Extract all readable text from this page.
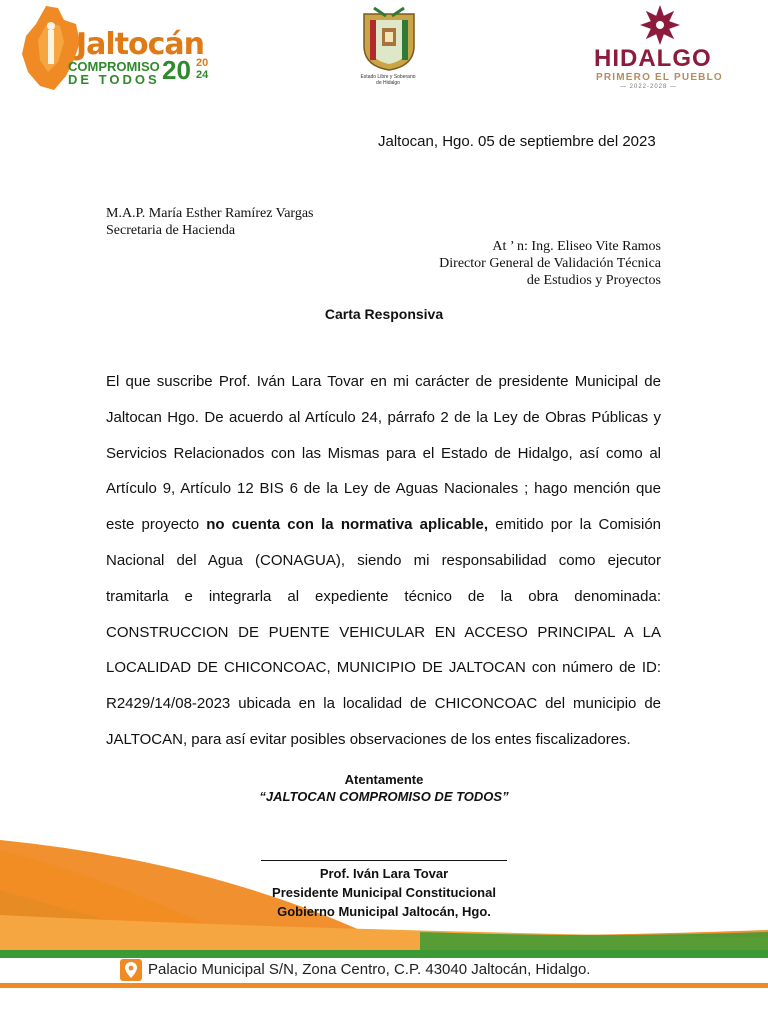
Jaltocán
COMPROMISO
DE TODOS 20 20
24	Estado Libre y Soberano
de Hidalgo
HIDALGO
PRIMERO EL PUEBLO
— 2022-2028 —
Jaltocan, Hgo. 05 de septiembre del 2023
M.A.P. María Esther Ramírez Vargas
Secretaria de Hacienda
At ’ n: Ing. Eliseo Vite Ramos
Director General de Validación Técnica
de Estudios y Proyectos
Carta Responsiva
El que suscribe Prof. Iván Lara Tovar en mi carácter de presidente Municipal de Jaltocan Hgo. De acuerdo al Artículo 24, párrafo 2 de la Ley de Obras Públicas y Servicios Relacionados con las Mismas para el Estado de Hidalgo, así como al Artículo 9, Artículo 12 BIS 6 de la Ley de Aguas Nacionales ; hago mención que este proyecto no cuenta con la normativa aplicable, emitido por la Comisión Nacional del Agua (CONAGUA), siendo mi responsabilidad como ejecutor tramitarla e integrarla al expediente técnico de la obra denominada: CONSTRUCCION DE PUENTE VEHICULAR EN ACCESO PRINCIPAL A LA LOCALIDAD DE CHICONCOAC, MUNICIPIO DE JALTOCAN con número de ID: R2429/14/08-2023 ubicada en la localidad de CHICONCOAC del municipio de JALTOCAN, para así evitar posibles observaciones de los entes fiscalizadores.
Atentamente
“JALTOCAN COMPROMISO DE TODOS”
Prof. Iván Lara Tovar
Presidente Municipal Constitucional
Gobierno Municipal Jaltocán, Hgo.
Palacio Municipal S/N, Zona Centro, C.P. 43040 Jaltocán, Hidalgo.
